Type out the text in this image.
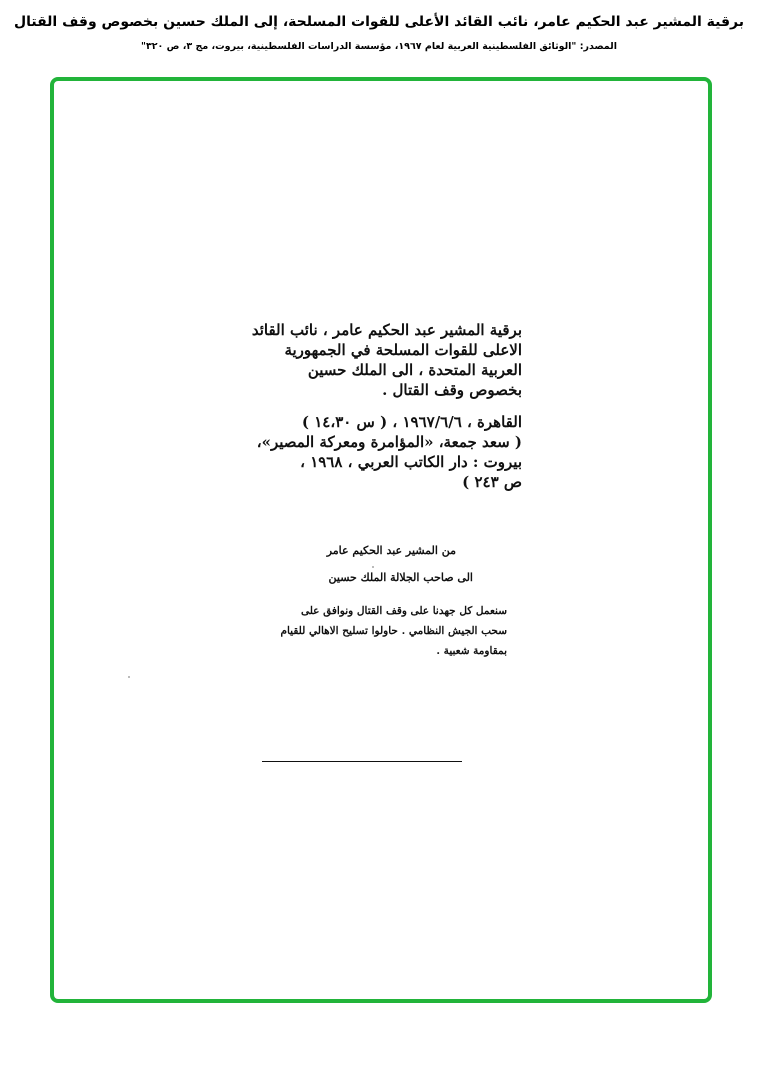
برقية المشير عبد الحكيم عامر، نائب القائد الأعلى للقوات المسلحة، إلى الملك حسين بخصوص وقف القتال
المصدر: "الوثائق الفلسطينية العربية لعام ١٩٦٧، مؤسسة الدراسات الفلسطينية، بيروت، مج ٣، ص ٣٢٠"
برقية المشير عبد الحكيم عامر ، نائب القائد
الاعلى للقوات المسلحة في الجمهورية
العربية المتحدة ، الى الملك حسين
بخصوص وقف القتال .
القاهرة ، ١٩٦٧/٦/٦ ، ( س ١٤،٣٠ )
( سعد جمعة، «المؤامرة ومعركة المصير»،
بيروت : دار الكاتب العربي ، ١٩٦٨ ،
ص ٢٤٣ )
من المشير عبد الحكيم عامر
الى صاحب الجلالة الملك حسين
سنعمل كل جهدنا على وقف القتال ونوافق على
سحب الجيش النظامي . حاولوا تسليح الاهالي للقيام
بمقاومة شعبية .
